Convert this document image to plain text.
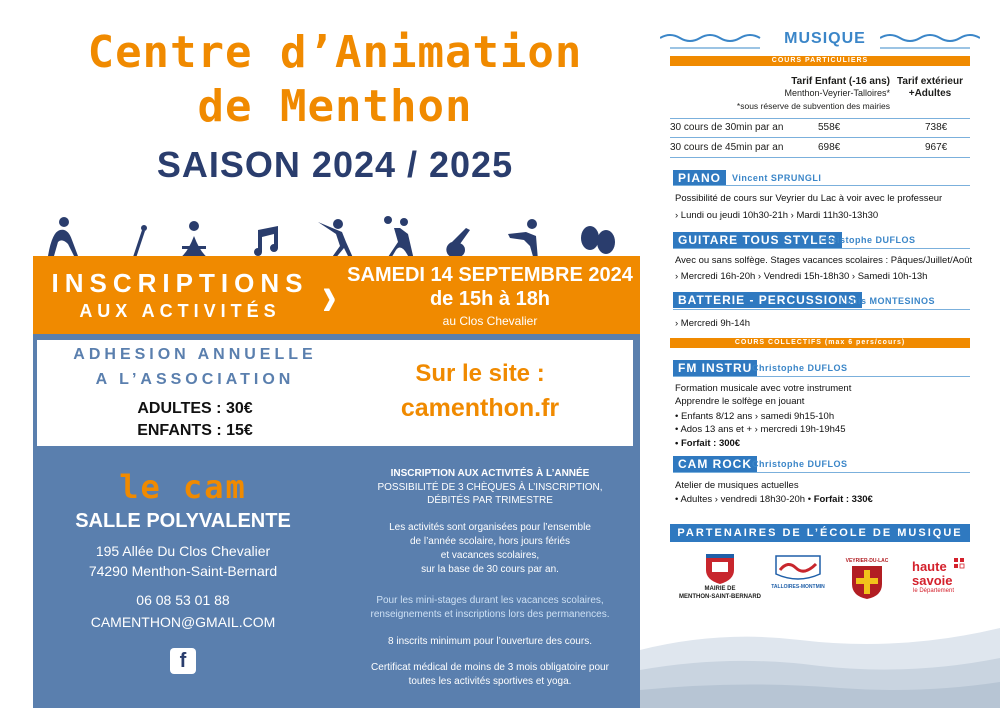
Centre d’Animation
de Menthon
SAISON 2024 / 2025
INSCRIPTIONS
AUX ACTIVITÉS › SAMEDI 14 SEPTEMBRE 2024
de 15h à 18h
au Clos Chevalier
ADHESION ANNUELLE
A L’ASSOCIATION
ADULTES : 30€
ENFANTS : 15€
Sur le site :
camenthon.fr
le cam
SALLE POLYVALENTE
195 Allée Du Clos Chevalier
74290 Menthon-Saint-Bernard
06 08 53 01 88
CAMENTHON@GMAIL.COM
f
INSCRIPTION AUX ACTIVITÉS À L’ANNÉE
POSSIBILITÉ DE 3 CHÈQUES À L’INSCRIPTION,
DÉBITÉS PAR TRIMESTRE
Les activités sont organisées pour l’ensemble
de l’année scolaire, hors jours fériés
et vacances scolaires,
sur la base de 30 cours par an.
Pour les mini-stages durant les vacances scolaires,
renseignements et inscriptions lors des permanences.
8 inscrits minimum pour l’ouverture des cours.
Certificat médical de moins de 3 mois obligatoire pour
toutes les activités sportives et yoga.
MUSIQUE
COURS PARTICULIERS
Tarif Enfant (-16 ans)
Menthon-Veyrier-Talloires*
*sous réserve de subvention des mairies
Tarif extérieur
+Adultes
30 cours de 30min par an	558€	738€
30 cours de 45min par an	698€	967€
PIANO	Vincent SPRUNGLI
Possibilité de cours sur Veyrier du Lac à voir avec le professeur
› Lundi ou jeudi 10h30-21h › Mardi 11h30-13h30
GUITARE TOUS STYLES
Christophe DUFLOS
Avec ou sans solfège. Stages vacances scolaires : Pâques/Juillet/Août
› Mercredi 16h-20h › Vendredi 15h-18h30 › Samedi 10h-13h
BATTERIE - PERCUSSIONS
Louis MONTESINOS
› Mercredi 9h-14h
COURS COLLECTIFS (max 6 pers/cours)
FM INSTRU Christophe DUFLOS
Formation musicale avec votre instrument
Apprendre le solfège en jouant
• Enfants 8/12 ans › samedi 9h15-10h
• Ados 13 ans et + › mercredi 19h-19h45
• Forfait : 300€
CAM ROCK Christophe DUFLOS
Atelier de musiques actuelles
• Adultes › vendredi 18h30-20h • Forfait : 330€
PARTENAIRES DE L’ÉCOLE DE MUSIQUE
MAIRIE DE
MENTHON-SAINT-BERNARD
TALLOIRES-MONTMIN
VEYRIER-DU-LAC haute
savoie
le Département
